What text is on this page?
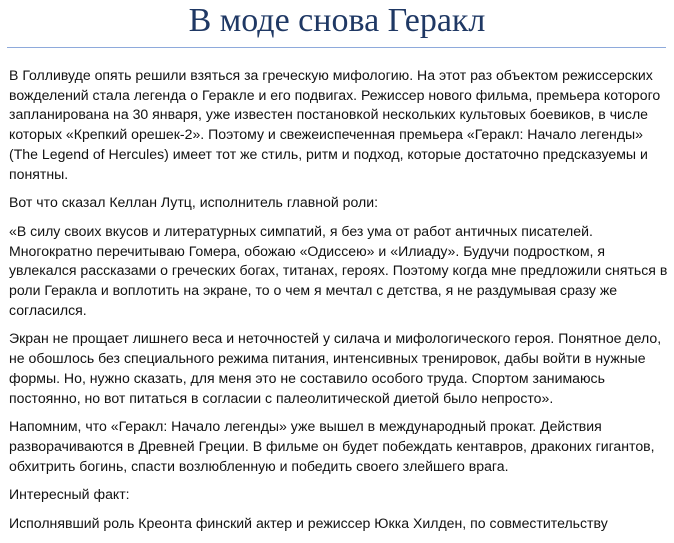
В моде снова Геракл

В Голливуде опять решили взяться за греческую мифологию. На этот раз объектом режиссерских вожделений стала легенда о Геракле и его подвигах. Режиссер нового фильма, премьера которого запланирована на 30 января, уже известен постановкой нескольких культовых боевиков, в числе которых «Крепкий орешек-2». Поэтому и свежеиспеченная премьера «Геракл: Начало легенды» (The Legend of Hercules) имеет тот же стиль, ритм и подход, которые достаточно предсказуемы и понятны.

Вот что сказал Келлан Лутц, исполнитель главной роли:

«В силу своих вкусов и литературных симпатий, я без ума от работ античных писателей. Многократно перечитываю Гомера, обожаю «Одиссею» и «Илиаду». Будучи подростком, я увлекался рассказами о греческих богах, титанах, героях. Поэтому когда мне предложили сняться в роли Геракла и воплотить на экране, то о чем я мечтал с детства, я не раздумывая сразу же согласился.

Экран не прощает лишнего веса и неточностей у силача и мифологического героя. Понятное дело, не обошлось без специального режима питания, интенсивных тренировок, дабы войти в нужные формы. Но, нужно сказать, для меня это не составило особого труда. Спортом занимаюсь постоянно, но вот питаться в согласии с палеолитической диетой было непросто».

Напомним, что «Геракл: Начало легенды» уже вышел в международный прокат. Действия разворачиваются в Древней Греции. В фильме он будет побеждать кентавров, драконих гигантов, обхитрить богинь, спасти возлюбленную и победить своего злейшего врага.

Интересный факт:

Исполнявший роль Креонта финский актер и режиссер Юкка Хилден, по совместительству
